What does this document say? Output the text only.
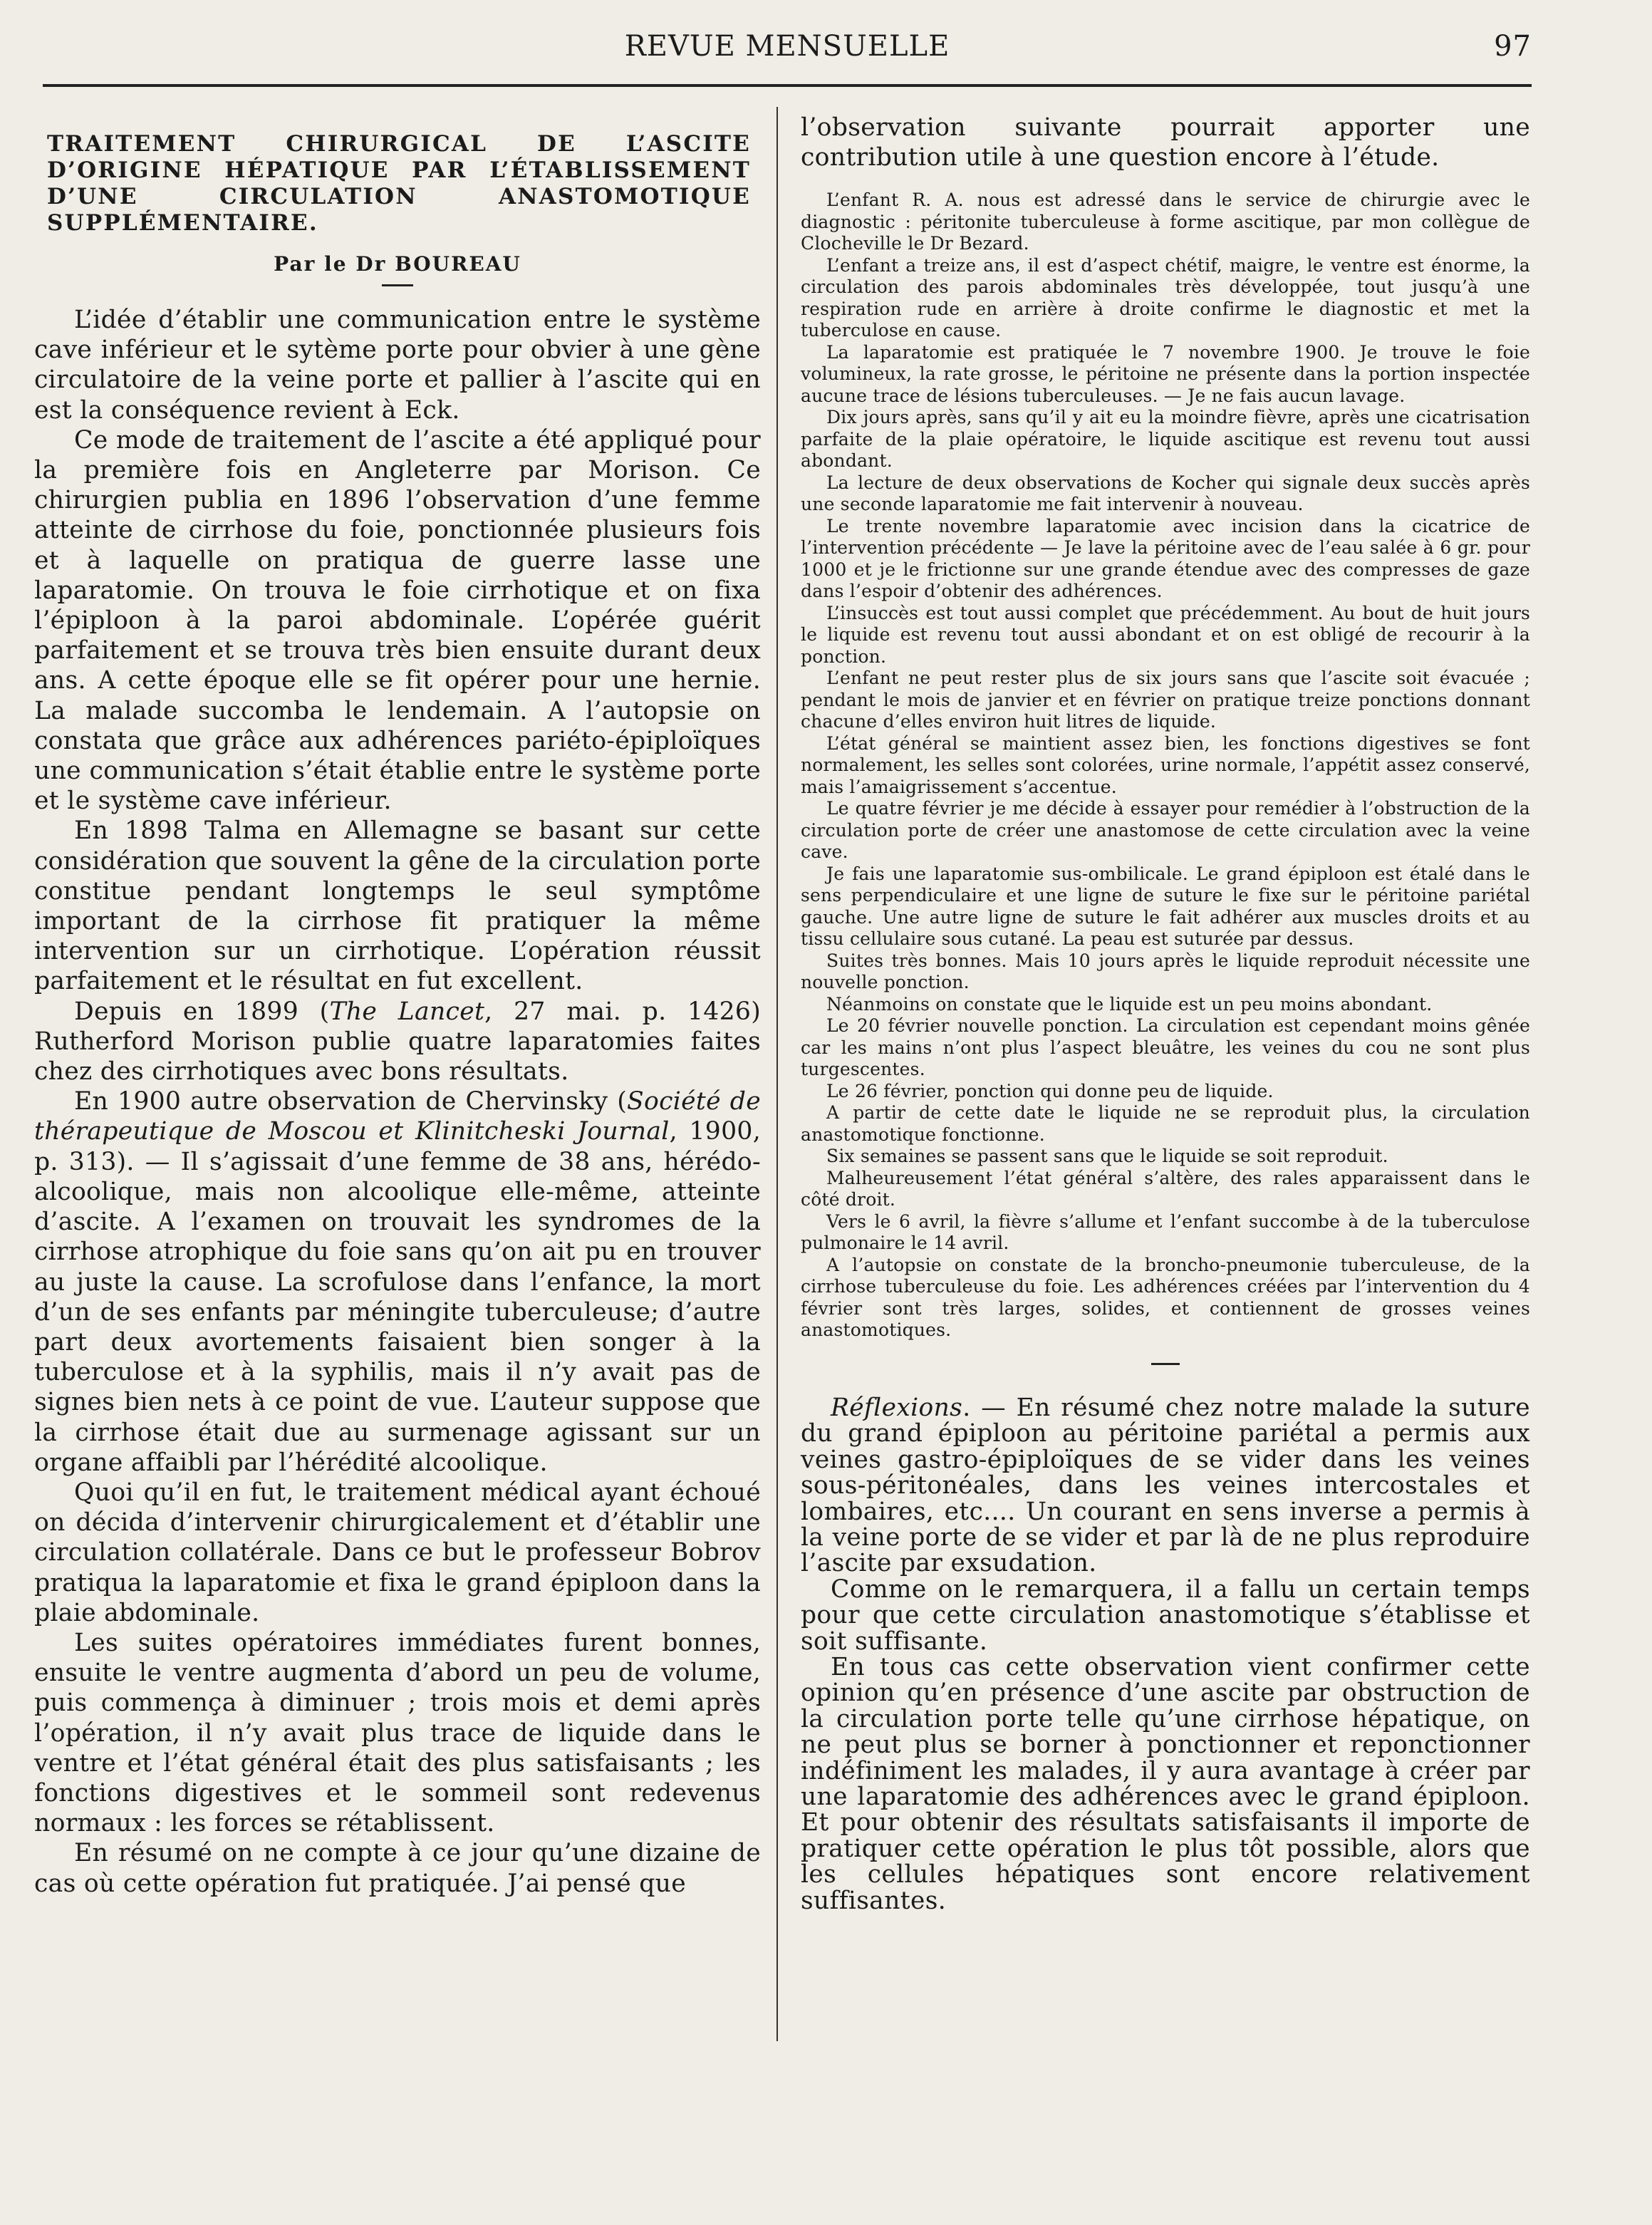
REVUE MENSUELLE	97
TRAITEMENT CHIRURGICAL DE L’ASCITE D’ORIGINE HÉPATIQUE PAR L’ÉTABLISSEMENT D’UNE CIRCULATION ANASTOMOTIQUE SUPPLÉMENTAIRE.
Par le Dr BOUREAU

L’idée d’établir une communication entre le système cave inférieur et le sytème porte pour obvier à une gène circulatoire de la veine porte et pallier à l’ascite qui en est la conséquence revient à Eck.

Ce mode de traitement de l’ascite a été appliqué pour la première fois en Angleterre par Morison. Ce chirurgien publia en 1896 l’observation d’une femme atteinte de cirrhose du foie, ponctionnée plusieurs fois et à laquelle on pratiqua de guerre lasse une laparatomie. On trouva le foie cirrhotique et on fixa l’épiploon à la paroi abdominale. L’opérée guérit parfaitement et se trouva très bien ensuite durant deux ans. A cette époque elle se fit opérer pour une hernie. La malade succomba le lendemain. A l’autopsie on constata que grâce aux adhérences pariéto-épiploïques une communication s’était établie entre le système porte et le système cave inférieur.

En 1898 Talma en Allemagne se basant sur cette considération que souvent la gêne de la circulation porte constitue pendant longtemps le seul symptôme important de la cirrhose fit pratiquer la même intervention sur un cirrhotique. L’opération réussit parfaitement et le résultat en fut excellent.

Depuis en 1899 (The Lancet, 27 mai. p. 1426) Rutherford Morison publie quatre laparatomies faites chez des cirrhotiques avec bons résultats.

En 1900 autre observation de Chervinsky (Société de thérapeutique de Moscou et Klinitcheski Journal, 1900, p. 313). — Il s’agissait d’une femme de 38 ans, hérédo-alcoolique, mais non alcoolique elle-même, atteinte d’ascite. A l’examen on trouvait les syndromes de la cirrhose atrophique du foie sans qu’on ait pu en trouver au juste la cause. La scrofulose dans l’enfance, la mort d’un de ses enfants par méningite tuberculeuse; d’autre part deux avortements faisaient bien songer à la tuberculose et à la syphilis, mais il n’y avait pas de signes bien nets à ce point de vue. L’auteur suppose que la cirrhose était due au surmenage agissant sur un organe affaibli par l’hérédité alcoolique.

Quoi qu’il en fut, le traitement médical ayant échoué on décida d’intervenir chirurgicalement et d’établir une circulation collatérale. Dans ce but le professeur Bobrov pratiqua la laparatomie et fixa le grand épiploon dans la plaie abdominale.

Les suites opératoires immédiates furent bonnes, ensuite le ventre augmenta d’abord un peu de volume, puis commença à diminuer ; trois mois et demi après l’opération, il n’y avait plus trace de liquide dans le ventre et l’état général était des plus satisfaisants ; les fonctions digestives et le sommeil sont redevenus normaux : les forces se rétablissent.

En résumé on ne compte à ce jour qu’une dizaine de cas où cette opération fut pratiquée. J’ai pensé que

l’observation suivante pourrait apporter une contribution utile à une question encore à l’étude.

L’enfant R. A. nous est adressé dans le service de chirurgie avec le diagnostic : péritonite tuberculeuse à forme ascitique, par mon collègue de Clocheville le Dr Bezard.

L’enfant a treize ans, il est d’aspect chétif, maigre, le ventre est énorme, la circulation des parois abdominales très développée, tout jusqu’à une respiration rude en arrière à droite confirme le diagnostic et met la tuberculose en cause.

La laparatomie est pratiquée le 7 novembre 1900. Je trouve le foie volumineux, la rate grosse, le péritoine ne présente dans la portion inspectée aucune trace de lésions tuberculeuses. — Je ne fais aucun lavage.

Dix jours après, sans qu’il y ait eu la moindre fièvre, après une cicatrisation parfaite de la plaie opératoire, le liquide ascitique est revenu tout aussi abondant.

La lecture de deux observations de Kocher qui signale deux succès après une seconde laparatomie me fait intervenir à nouveau.

Le trente novembre laparatomie avec incision dans la cicatrice de l’intervention précédente — Je lave la péritoine avec de l’eau salée à 6 gr. pour 1000 et je le frictionne sur une grande étendue avec des compresses de gaze dans l’espoir d’obtenir des adhérences.

L’insuccès est tout aussi complet que précédemment. Au bout de huit jours le liquide est revenu tout aussi abondant et on est obligé de recourir à la ponction.

L’enfant ne peut rester plus de six jours sans que l’ascite soit évacuée ; pendant le mois de janvier et en février on pratique treize ponctions donnant chacune d’elles environ huit litres de liquide.

L’état général se maintient assez bien, les fonctions digestives se font normalement, les selles sont colorées, urine normale, l’appétit assez conservé, mais l’amaigrissement s’accentue.

Le quatre février je me décide à essayer pour remédier à l’obstruction de la circulation porte de créer une anastomose de cette circulation avec la veine cave.

Je fais une laparatomie sus-ombilicale. Le grand épiploon est étalé dans le sens perpendiculaire et une ligne de suture le fixe sur le péritoine pariétal gauche. Une autre ligne de suture le fait adhérer aux muscles droits et au tissu cellulaire sous cutané. La peau est suturée par dessus.

Suites très bonnes. Mais 10 jours après le liquide reproduit nécessite une nouvelle ponction.

Néanmoins on constate que le liquide est un peu moins abondant.

Le 20 février nouvelle ponction. La circulation est cependant moins gênée car les mains n’ont plus l’aspect bleuâtre, les veines du cou ne sont plus turgescentes.

Le 26 février, ponction qui donne peu de liquide.

A partir de cette date le liquide ne se reproduit plus, la circulation anastomotique fonctionne.

Six semaines se passent sans que le liquide se soit reproduit.

Malheureusement l’état général s’altère, des rales apparaissent dans le côté droit.

Vers le 6 avril, la fièvre s’allume et l’enfant succombe à de la tuberculose pulmonaire le 14 avril.

A l’autopsie on constate de la broncho-pneumonie tuberculeuse, de la cirrhose tuberculeuse du foie. Les adhérences créées par l’intervention du 4 février sont très larges, solides, et contiennent de grosses veines anastomotiques.

Réflexions. — En résumé chez notre malade la suture du grand épiploon au péritoine pariétal a permis aux veines gastro-épiploïques de se vider dans les veines sous-péritonéales, dans les veines intercostales et lombaires, etc.... Un courant en sens inverse a permis à la veine porte de se vider et par là de ne plus reproduire l’ascite par exsudation.

Comme on le remarquera, il a fallu un certain temps pour que cette circulation anastomotique s’établisse et soit suffisante.

En tous cas cette observation vient confirmer cette opinion qu’en présence d’une ascite par obstruction de la circulation porte telle qu’une cirrhose hépatique, on ne peut plus se borner à ponctionner et reponctionner indéfiniment les malades, il y aura avantage à créer par une laparatomie des adhérences avec le grand épiploon. Et pour obtenir des résultats satisfaisants il importe de pratiquer cette opération le plus tôt possible, alors que les cellules hépatiques sont encore relativement suffisantes.
